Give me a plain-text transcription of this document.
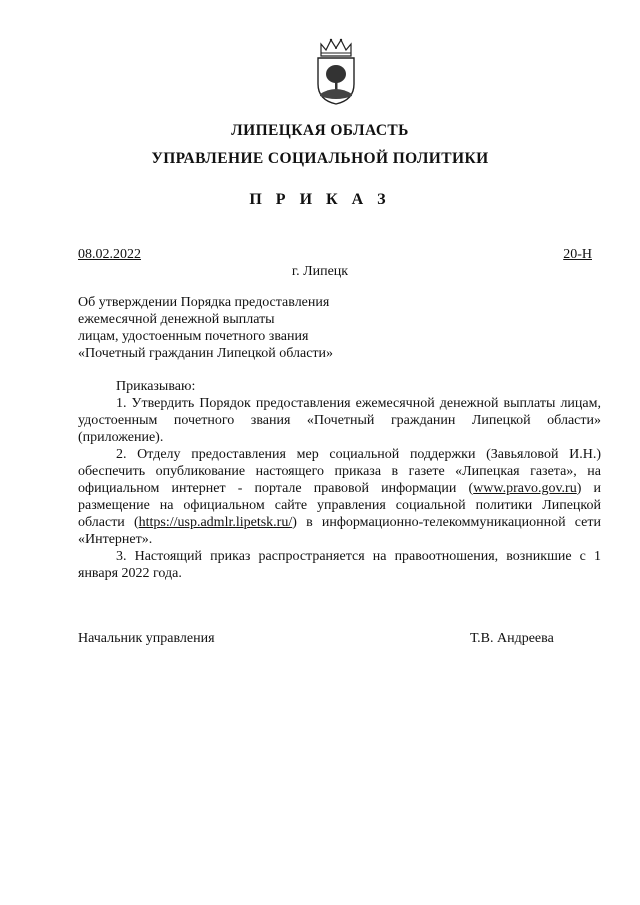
ЛИПЕЦКАЯ ОБЛАСТЬ
УПРАВЛЕНИЕ СОЦИАЛЬНОЙ ПОЛИТИКИ
П Р И К А З
08.02.2022	20-Н
г. Липецк
Об утверждении Порядка предоставления
ежемесячной денежной выплаты
лицам, удостоенным почетного звания
«Почетный гражданин Липецкой области»

Приказываю:

1. Утвердить Порядок предоставления ежемесячной денежной выплаты лицам, удостоенным почетного звания «Почетный гражданин Липецкой области» (приложение).

2. Отделу предоставления мер социальной поддержки (Завьяловой И.Н.) обеспечить опубликование настоящего приказа в газете «Липецкая газета», на официальном интернет - портале правовой информации (www.pravo.gov.ru) и размещение на официальном сайте управления социальной политики Липецкой области (https://usp.admlr.lipetsk.ru/) в информационно-телекоммуникационной сети «Интернет».

3. Настоящий приказ распространяется на правоотношения, возникшие с 1 января 2022 года.

Начальник управления	Т.В. Андреева
